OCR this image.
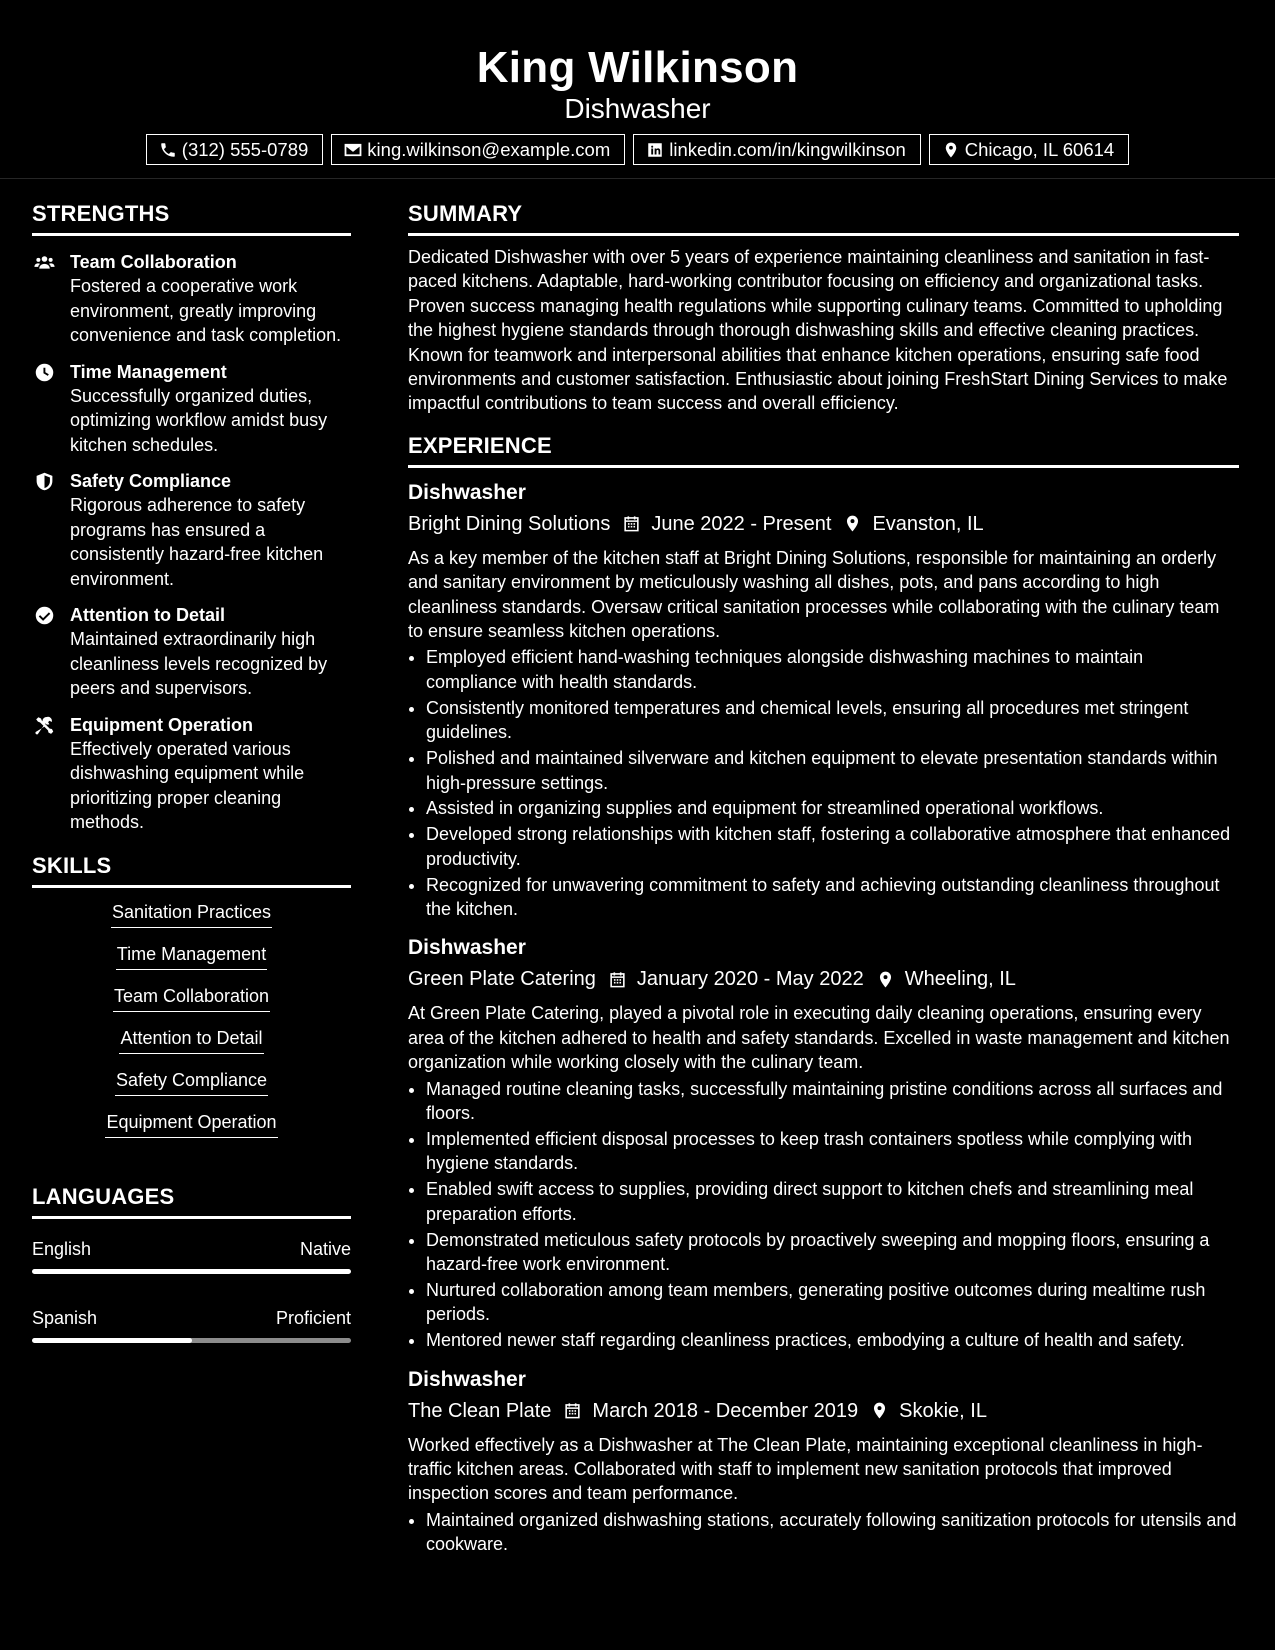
King Wilkinson
Dishwasher
(312) 555-0789	king.wilkinson@example.com	linkedin.com/in/kingwilkinson	Chicago, IL 60614
STRENGTHS
Team Collaboration
Fostered a cooperative work environment, greatly improving convenience and task completion.
Time Management
Successfully organized duties, optimizing workflow amidst busy kitchen schedules.
Safety Compliance
Rigorous adherence to safety programs has ensured a consistently hazard-free kitchen environment.
Attention to Detail
Maintained extraordinarily high cleanliness levels recognized by peers and supervisors.
Equipment Operation
Effectively operated various dishwashing equipment while prioritizing proper cleaning methods.
SKILLS
Sanitation Practices
Time Management
Team Collaboration
Attention to Detail
Safety Compliance
Equipment Operation
LANGUAGES
English	Native
Spanish	Proficient
SUMMARY
Dedicated Dishwasher with over 5 years of experience maintaining cleanliness and sanitation in fast-paced kitchens. Adaptable, hard-working contributor focusing on efficiency and organizational tasks. Proven success managing health regulations while supporting culinary teams. Committed to upholding the highest hygiene standards through thorough dishwashing skills and effective cleaning practices. Known for teamwork and interpersonal abilities that enhance kitchen operations, ensuring safe food environments and customer satisfaction. Enthusiastic about joining FreshStart Dining Services to make impactful contributions to team success and overall efficiency.
EXPERIENCE
Dishwasher
Bright Dining Solutions June 2022 - Present Evanston, IL
As a key member of the kitchen staff at Bright Dining Solutions, responsible for maintaining an orderly and sanitary environment by meticulously washing all dishes, pots, and pans according to high cleanliness standards. Oversaw critical sanitation processes while collaborating with the culinary team to ensure seamless kitchen operations.
• Employed efficient hand-washing techniques alongside dishwashing machines to maintain compliance with health standards.
• Consistently monitored temperatures and chemical levels, ensuring all procedures met stringent guidelines.
• Polished and maintained silverware and kitchen equipment to elevate presentation standards within high-pressure settings.
• Assisted in organizing supplies and equipment for streamlined operational workflows.
• Developed strong relationships with kitchen staff, fostering a collaborative atmosphere that enhanced productivity.
• Recognized for unwavering commitment to safety and achieving outstanding cleanliness throughout the kitchen.
Dishwasher
Green Plate Catering January 2020 - May 2022 Wheeling, IL
At Green Plate Catering, played a pivotal role in executing daily cleaning operations, ensuring every area of the kitchen adhered to health and safety standards. Excelled in waste management and kitchen organization while working closely with the culinary team.
• Managed routine cleaning tasks, successfully maintaining pristine conditions across all surfaces and floors.
• Implemented efficient disposal processes to keep trash containers spotless while complying with hygiene standards.
• Enabled swift access to supplies, providing direct support to kitchen chefs and streamlining meal preparation efforts.
• Demonstrated meticulous safety protocols by proactively sweeping and mopping floors, ensuring a hazard-free work environment.
• Nurtured collaboration among team members, generating positive outcomes during mealtime rush periods.
• Mentored newer staff regarding cleanliness practices, embodying a culture of health and safety.
Dishwasher
The Clean Plate March 2018 - December 2019 Skokie, IL
Worked effectively as a Dishwasher at The Clean Plate, maintaining exceptional cleanliness in high-traffic kitchen areas. Collaborated with staff to implement new sanitation protocols that improved inspection scores and team performance.
• Maintained organized dishwashing stations, accurately following sanitization protocols for utensils and cookware.
